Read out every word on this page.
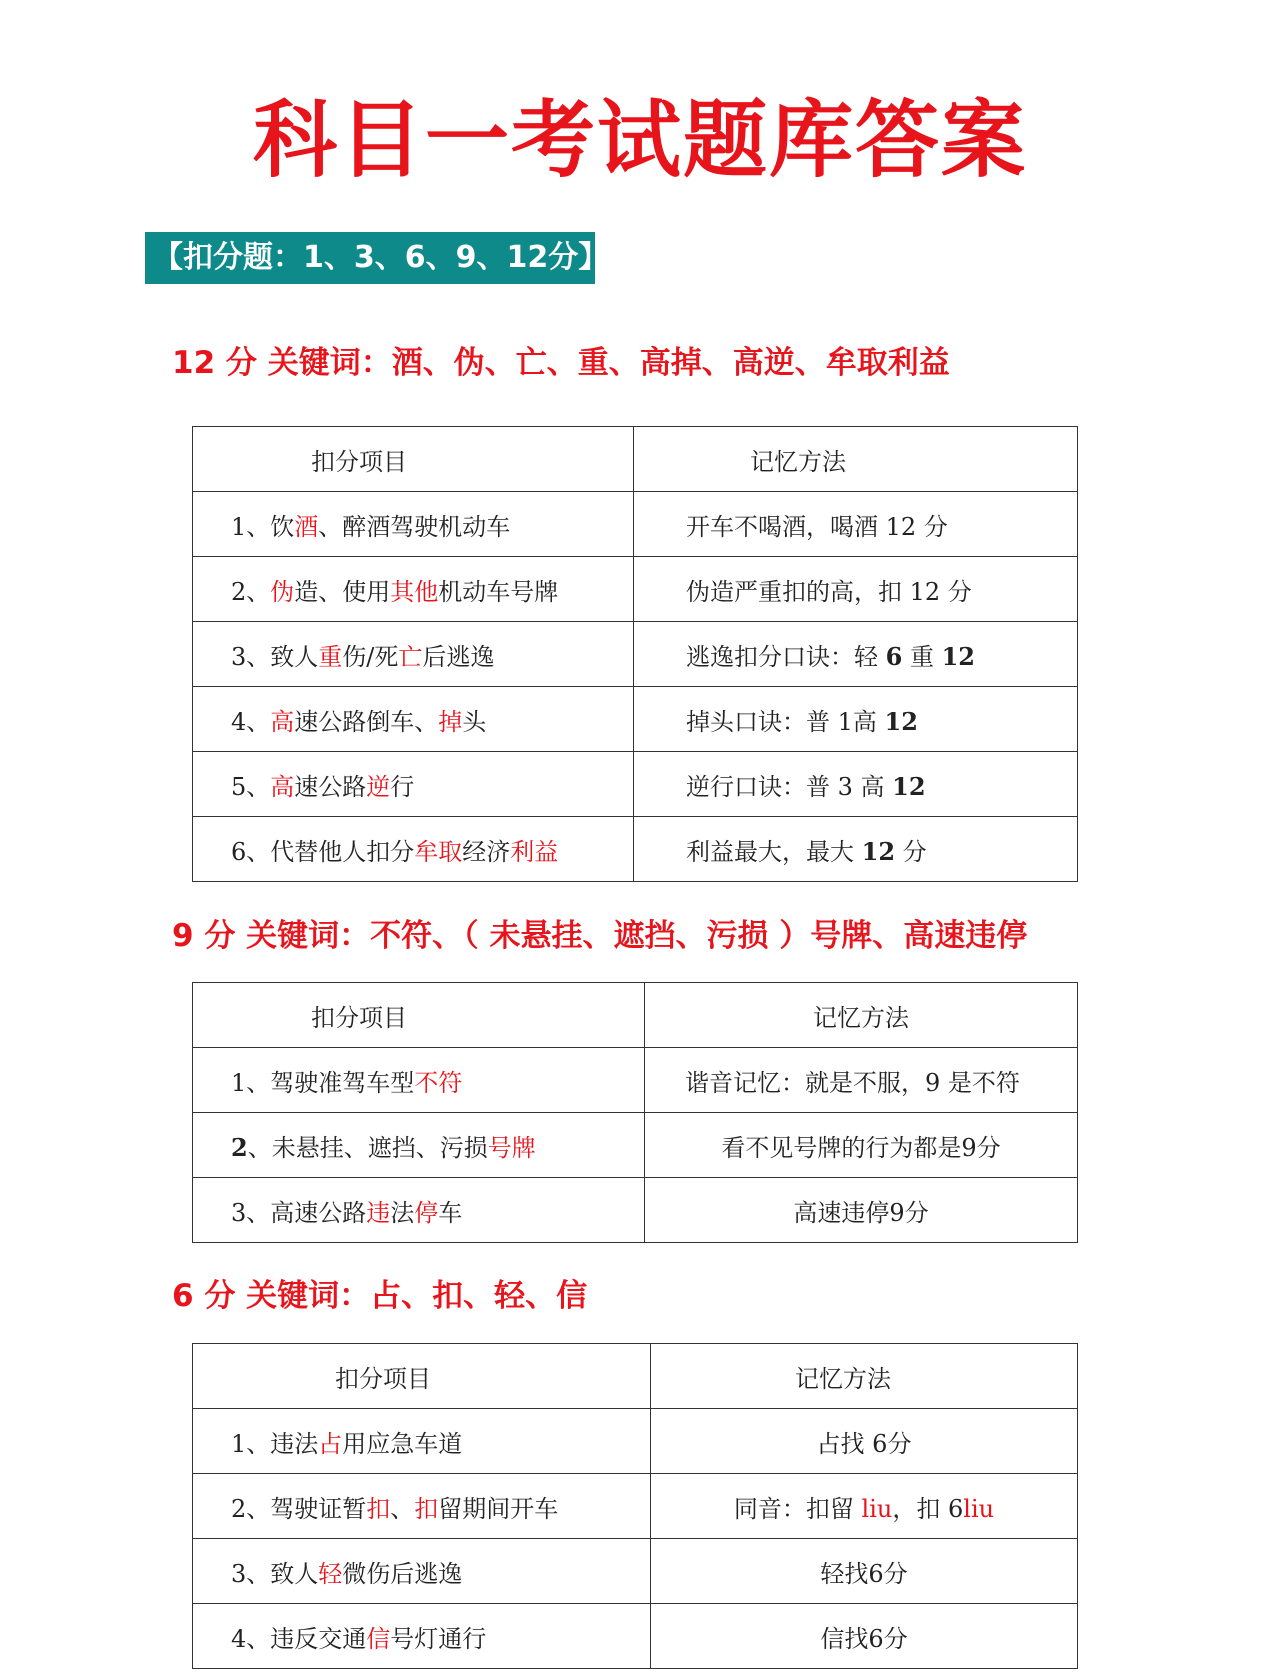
科目一考试题库答案
【扣分题：1、3、6、9、12分】
12 分 关键词：酒、伪、亡、重、高掉、高逆、牟取利益
扣分项目	记忆方法
1、饮酒、醉酒驾驶机动车	开车不喝酒，喝酒 12 分
2、伪造、使用其他机动车号牌	伪造严重扣的高，扣 12 分
3、致人重伤/死亡后逃逸	逃逸扣分口诀：轻 6 重 12
4、高速公路倒车、掉头	掉头口诀：普 1高 12
5、高速公路逆行	逆行口诀：普 3 高 12
6、代替他人扣分牟取经济利益	利益最大，最大 12 分
9 分 关键词：不符、（ 未悬挂、遮挡、污损 ）号牌、高速违停
扣分项目	记忆方法
1、驾驶准驾车型不符	谐音记忆：就是不服，9 是不符
2、未悬挂、遮挡、污损号牌	看不见号牌的行为都是9分
3、高速公路违法停车	高速违停9分
6 分 关键词：占、扣、轻、信
扣分项目	记忆方法
1、违法占用应急车道	占找 6分
2、驾驶证暂扣、扣留期间开车	同音：扣留 liu，扣 6liu
3、致人轻微伤后逃逸	轻找6分
4、违反交通信号灯通行	信找6分
